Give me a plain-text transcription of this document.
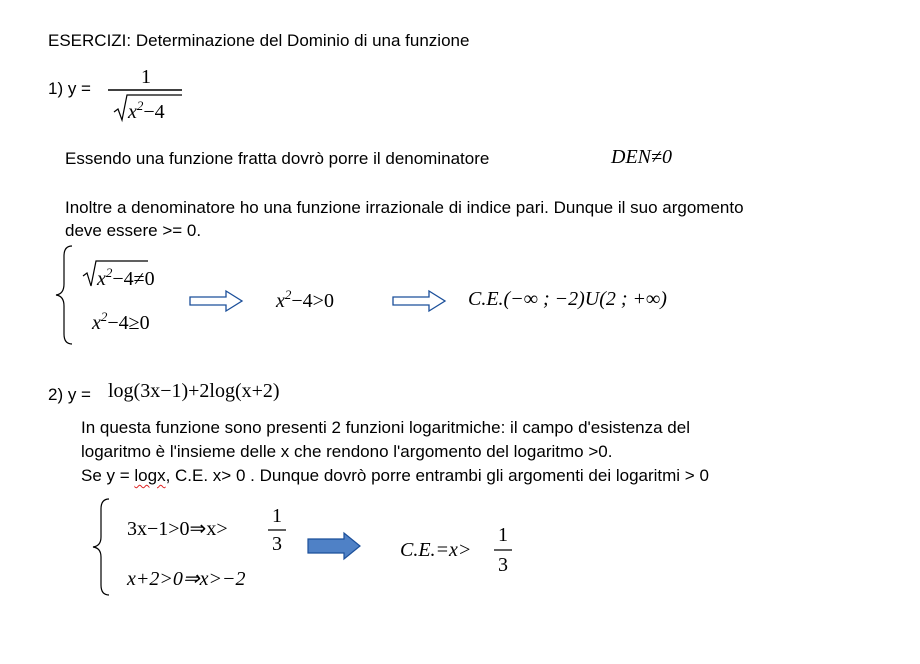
ESERCIZI: Determinazione del Dominio di una funzione
1) y =
1
$x^2-4$
Essendo una funzione fratta dovrò porre il denominatore	DEN≠0
Inoltre a denominatore ho una funzione irrazionale di indice pari. Dunque il suo argomento
deve essere >= 0.
$x^2-4\ne 0$
$x^2-4\ge 0$
$x^2-4>0$	C.E.(−∞ ; −2)U(2 ; +∞)
2) y = log(3x−1)+2log(x+2)
In questa funzione sono presenti 2 funzioni logaritmiche: il campo d'esistenza del
logaritmo è l'insieme delle x che rendono l'argomento del logaritmo >0.
Se y = logx, C.E. x> 0 . Dunque dovrò porre entrambi gli argomenti dei logaritmi > 0
3x−1>0⇒x>
1
3
x+2>0⇒x>−2
C.E.=x>
1
3
